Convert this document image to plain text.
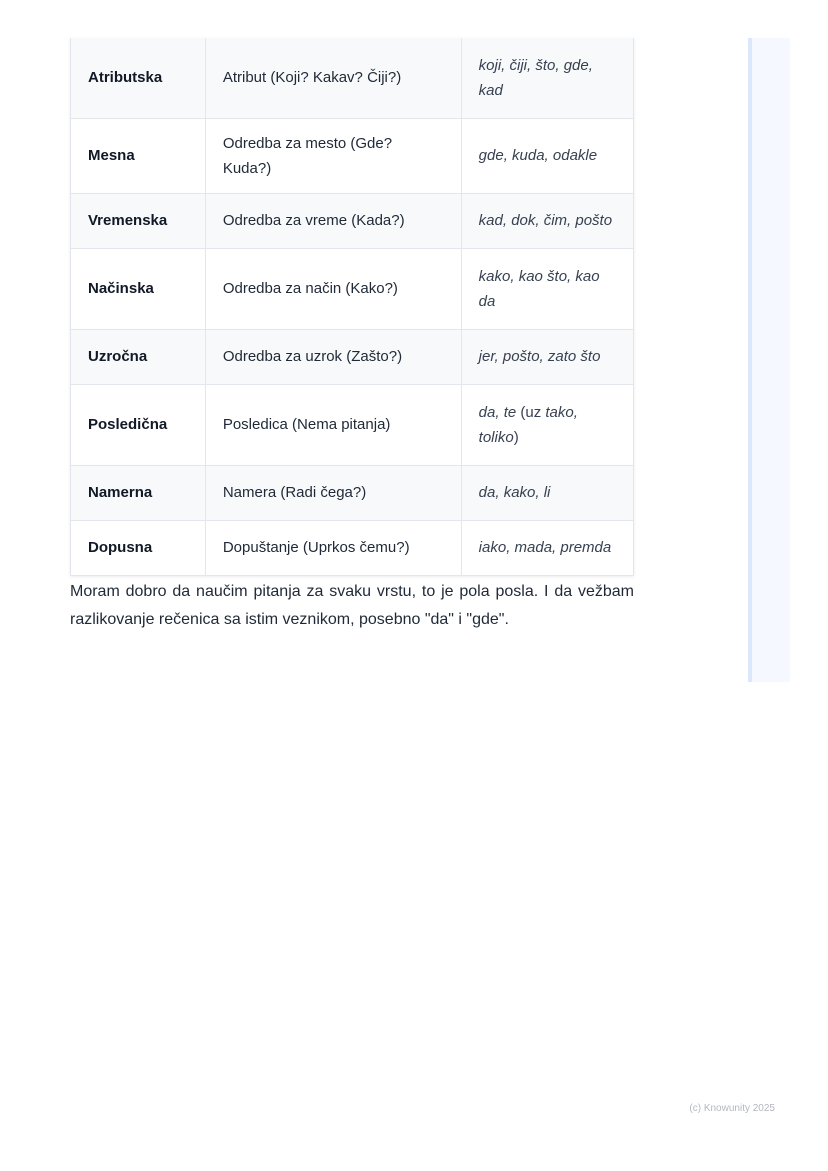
Atributska	Atribut (Koji? Kakav? Čiji?)	koji, čiji, što, gde, kad
Mesna	Odredba za mesto (Gde? Kuda?)	gde, kuda, odakle
Vremenska	Odredba za vreme (Kada?)	kad, dok, čim, pošto
Načinska	Odredba za način (Kako?)	kako, kao što, kao da
Uzročna	Odredba za uzrok (Zašto?)	jer, pošto, zato što
Posledična	Posledica (Nema pitanja)	da, te (uz tako, toliko)
Namerna	Namera (Radi čega?)	da, kako, li
Dopusna	Dopuštanje (Uprkos čemu?)	iako, mada, premda

Moram dobro da naučim pitanja za svaku vrstu, to je pola posla. I da vežbam razlikovanje rečenica sa istim veznikom, posebno "da" i "gde".

(c) Knowunity 2025
